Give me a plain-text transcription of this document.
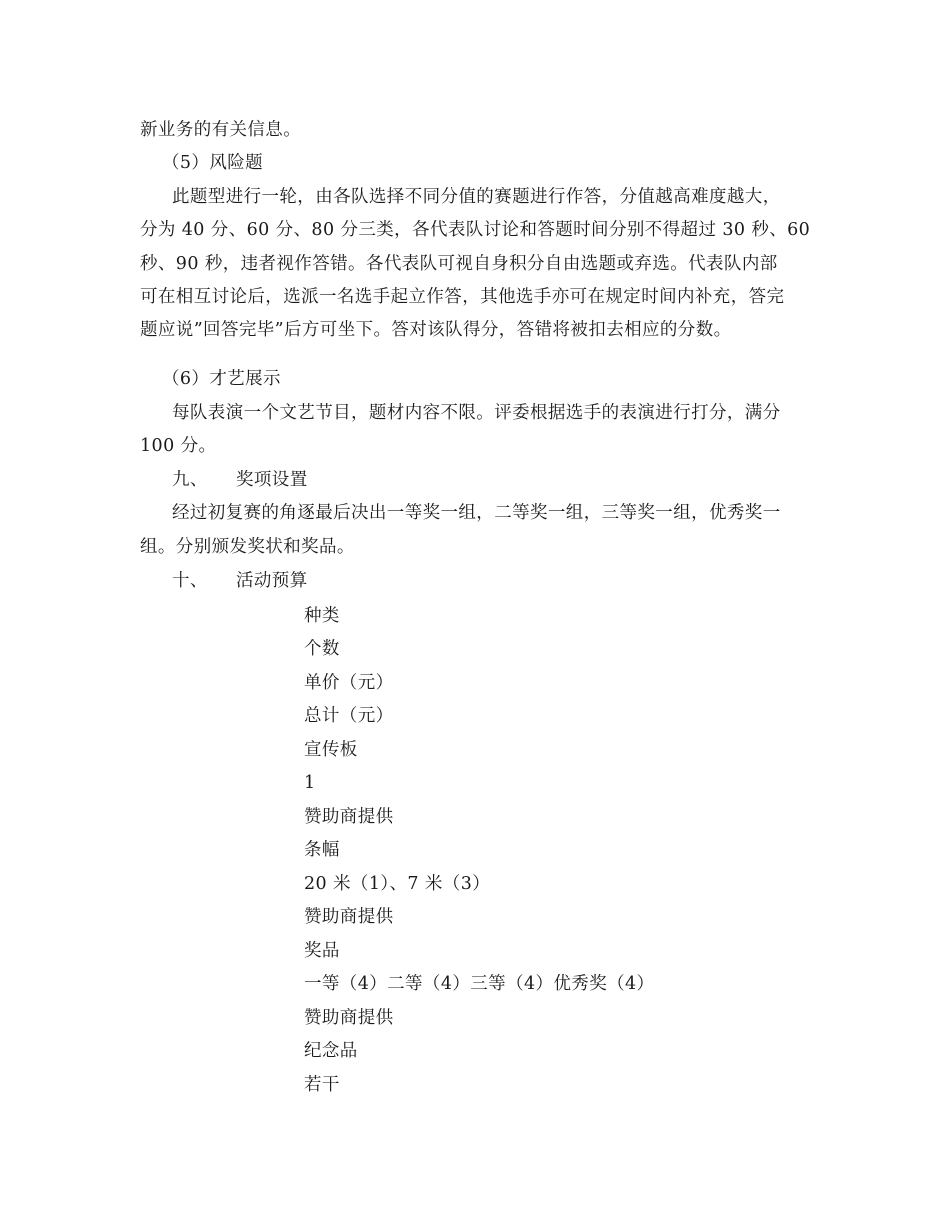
新业务的有关信息。
（5）风险题
此题型进行一轮，由各队选择不同分值的赛题进行作答，分值越高难度越大，
分为 40 分、60 分、80 分三类，各代表队讨论和答题时间分别不得超过 30 秒、60
秒、90 秒，违者视作答错。各代表队可视自身积分自由选题或弃选。代表队内部
可在相互讨论后，选派一名选手起立作答，其他选手亦可在规定时间内补充，答完
题应说”回答完毕”后方可坐下。答对该队得分，答错将被扣去相应的分数。
（6）才艺展示
每队表演一个文艺节目，题材内容不限。评委根据选手的表演进行打分，满分
100 分。
九、 奖项设置
经过初复赛的角逐最后决出一等奖一组，二等奖一组，三等奖一组，优秀奖一
组。分别颁发奖状和奖品。
十、 活动预算
种类
个数
单价（元）
总计（元）
宣传板
1
赞助商提供
条幅
20 米（1）、7 米（3）
赞助商提供
奖品
一等（4）二等（4）三等（4）优秀奖（4）
赞助商提供
纪念品
若干
